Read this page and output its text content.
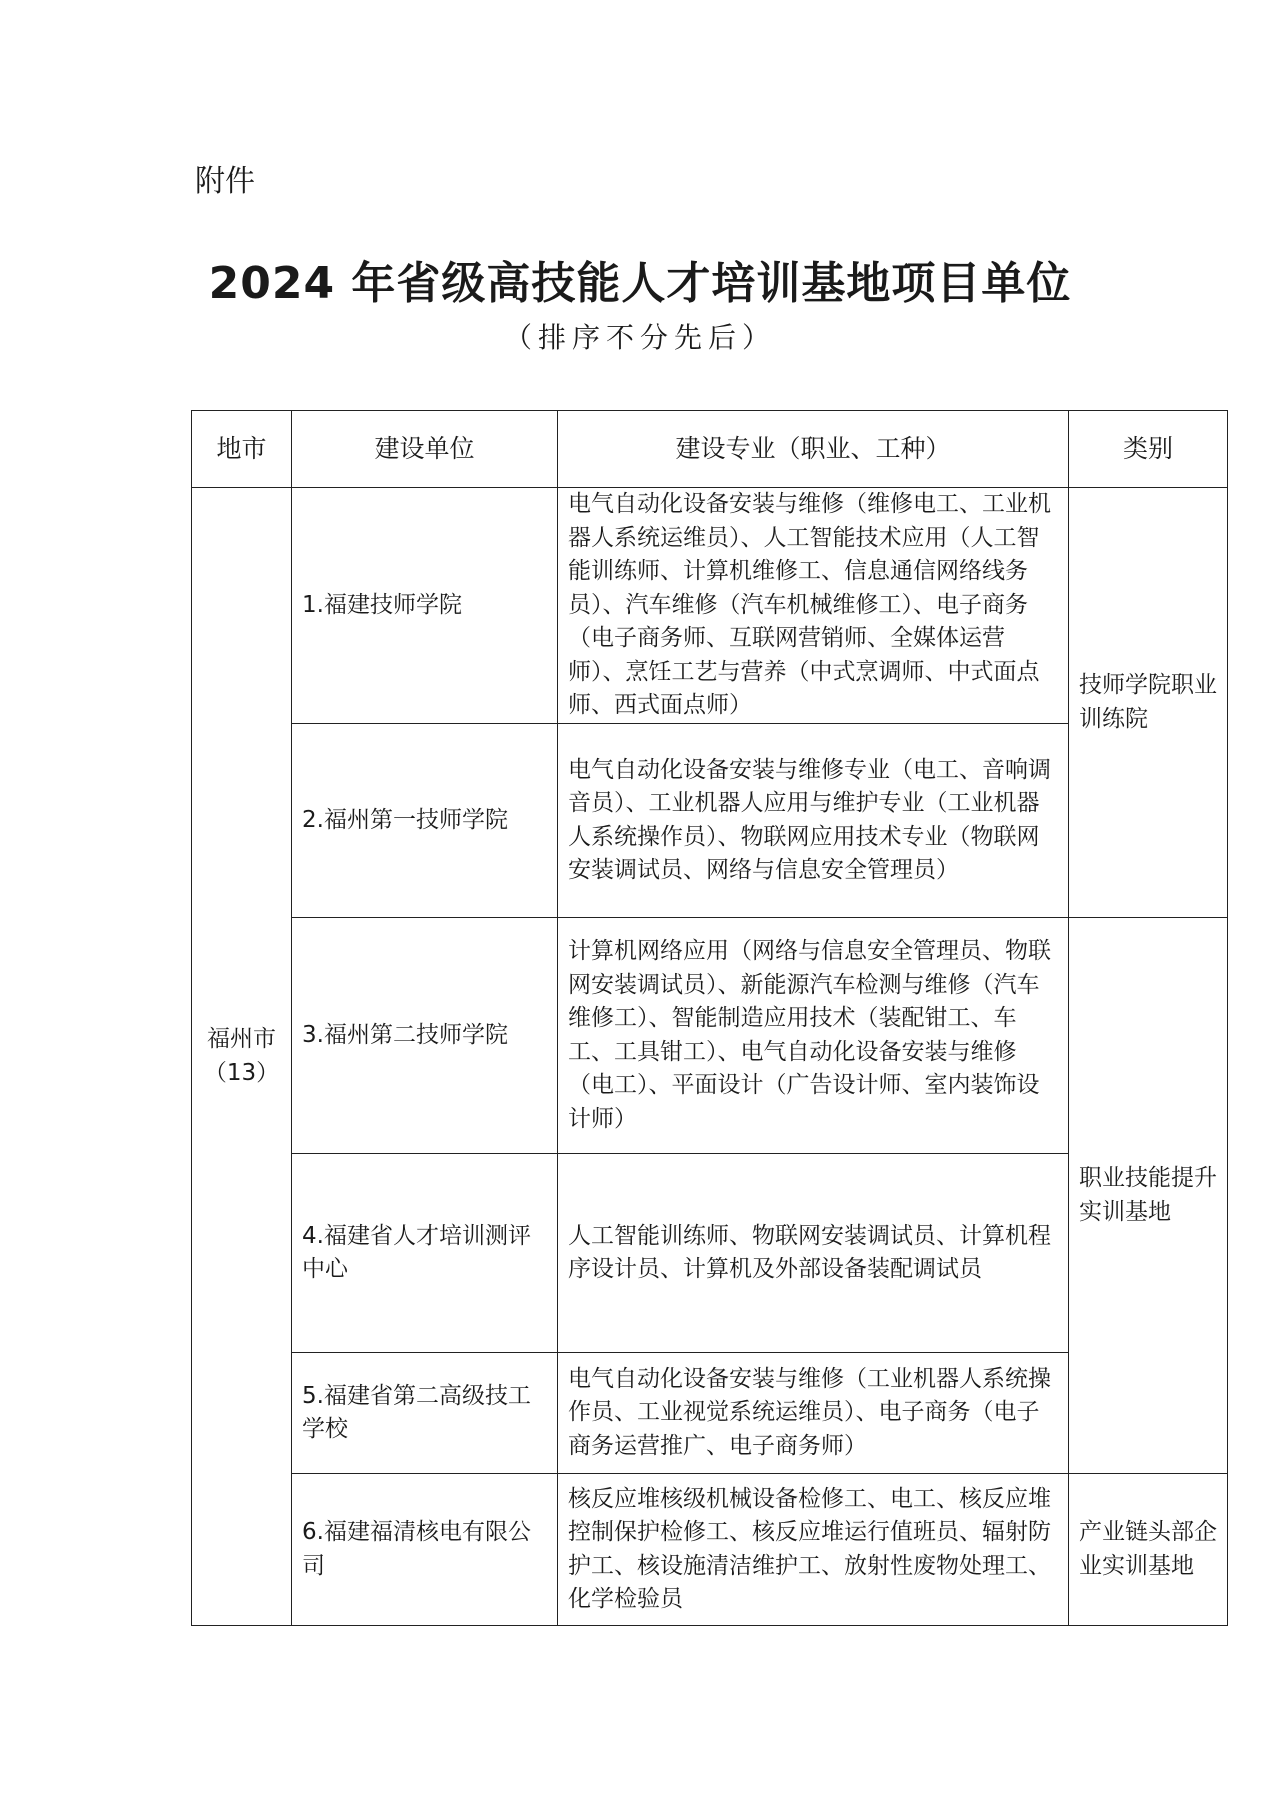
附件
2024 年省级高技能人才培训基地项目单位
（排序不分先后）
地市	建设单位	建设专业（职业、工种）	类别
福州市（13）	1.福建技师学院	电气自动化设备安装与维修（维修电工、工业机器人系统运维员）、人工智能技术应用（人工智能训练师、计算机维修工、信息通信网络线务员）、汽车维修（汽车机械维修工）、电子商务（电子商务师、互联网营销师、全媒体运营师）、烹饪工艺与营养（中式烹调师、中式面点师、西式面点师）	技师学院职业训练院
	2.福州第一技师学院	电气自动化设备安装与维修专业（电工、音响调音员）、工业机器人应用与维护专业（工业机器人系统操作员）、物联网应用技术专业（物联网安装调试员、网络与信息安全管理员）	
	3.福州第二技师学院	计算机网络应用（网络与信息安全管理员、物联网安装调试员）、新能源汽车检测与维修（汽车维修工）、智能制造应用技术（装配钳工、车工、工具钳工）、电气自动化设备安装与维修（电工）、平面设计（广告设计师、室内装饰设计师）	职业技能提升实训基地
	4.福建省人才培训测评中心	人工智能训练师、物联网安装调试员、计算机程序设计员、计算机及外部设备装配调试员	
	5.福建省第二高级技工学校	电气自动化设备安装与维修（工业机器人系统操作员、工业视觉系统运维员）、电子商务（电子商务运营推广、电子商务师）	
	6.福建福清核电有限公司	核反应堆核级机械设备检修工、电工、核反应堆控制保护检修工、核反应堆运行值班员、辐射防护工、核设施清洁维护工、放射性废物处理工、化学检验员	产业链头部企业实训基地
